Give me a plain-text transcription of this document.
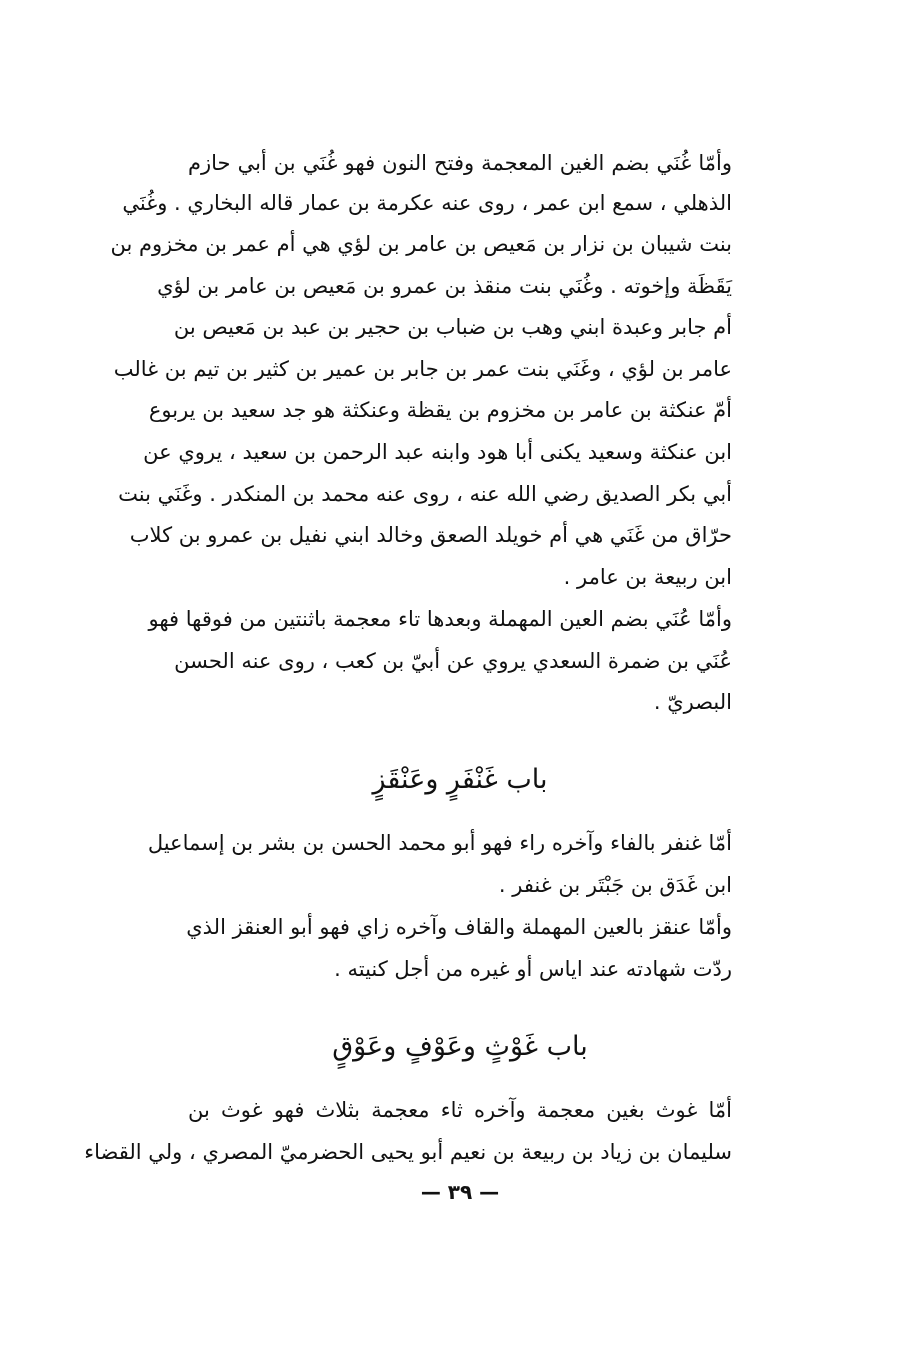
وأمّا غُنَي بضم الغين المعجمة وفتح النون فهو غُنَي بن أبي حازم
الذهلي ، سمع ابن عمر ، روى عنه عكرمة بن عمار قاله البخاري . وغُنَي
بنت شيبان بن نزار بن مَعيص بن عامر بن لؤي هي أم عمر بن مخزوم بن
يَقَظَة وإخوته . وغُنَي بنت منقذ بن عمرو بن مَعيص بن عامر بن لؤي
أم جابر وعبدة ابني وهب بن ضباب بن حجير بن عبد بن مَعيص بن
عامر بن لؤي ، وغَنَي بنت عمر بن جابر بن عمير بن كثير بن تيم بن غالب
أمّ عنكثة بن عامر بن مخزوم بن يقظة وعنكثة هو جد سعيد بن يربوع
ابن عنكثة وسعيد يكنى أبا هود وابنه عبد الرحمن بن سعيد ، يروي عن
أبي بكر الصديق رضي الله عنه ، روى عنه محمد بن المنكدر . وغَنَي بنت
حرّاق من غَنَي هي أم خويلد الصعق وخالد ابني نفيل بن عمرو بن كلاب
ابن ربيعة بن عامر .
وأمّا عُنَي بضم العين المهملة وبعدها تاء معجمة باثنتين من فوقها فهو
عُنَي بن ضمرة السعدي يروي عن أبيّ بن كعب ، روى عنه الحسن
البصريّ .
باب غَنْفَرٍ وعَنْقَزٍ
أمّا غنفر بالفاء وآخره راء فهو أبو محمد الحسن بن بشر بن إسماعيل
ابن غَدَق بن جَبْتَر بن غنفر .
وأمّا عنقز بالعين المهملة والقاف وآخره زاي فهو أبو العنقز الذي
ردّت شهادته عند اياس أو غيره من أجل كنيته .
باب غَوْثٍ وعَوْفٍ وعَوْقٍ
أمّا غوث بغين معجمة وآخره ثاء معجمة بثلاث فهو غوث بن
سليمان بن زياد بن ربيعة بن نعيم أبو يحيى الحضرميّ المصري ، ولي القضاء
— ٣٩ —
